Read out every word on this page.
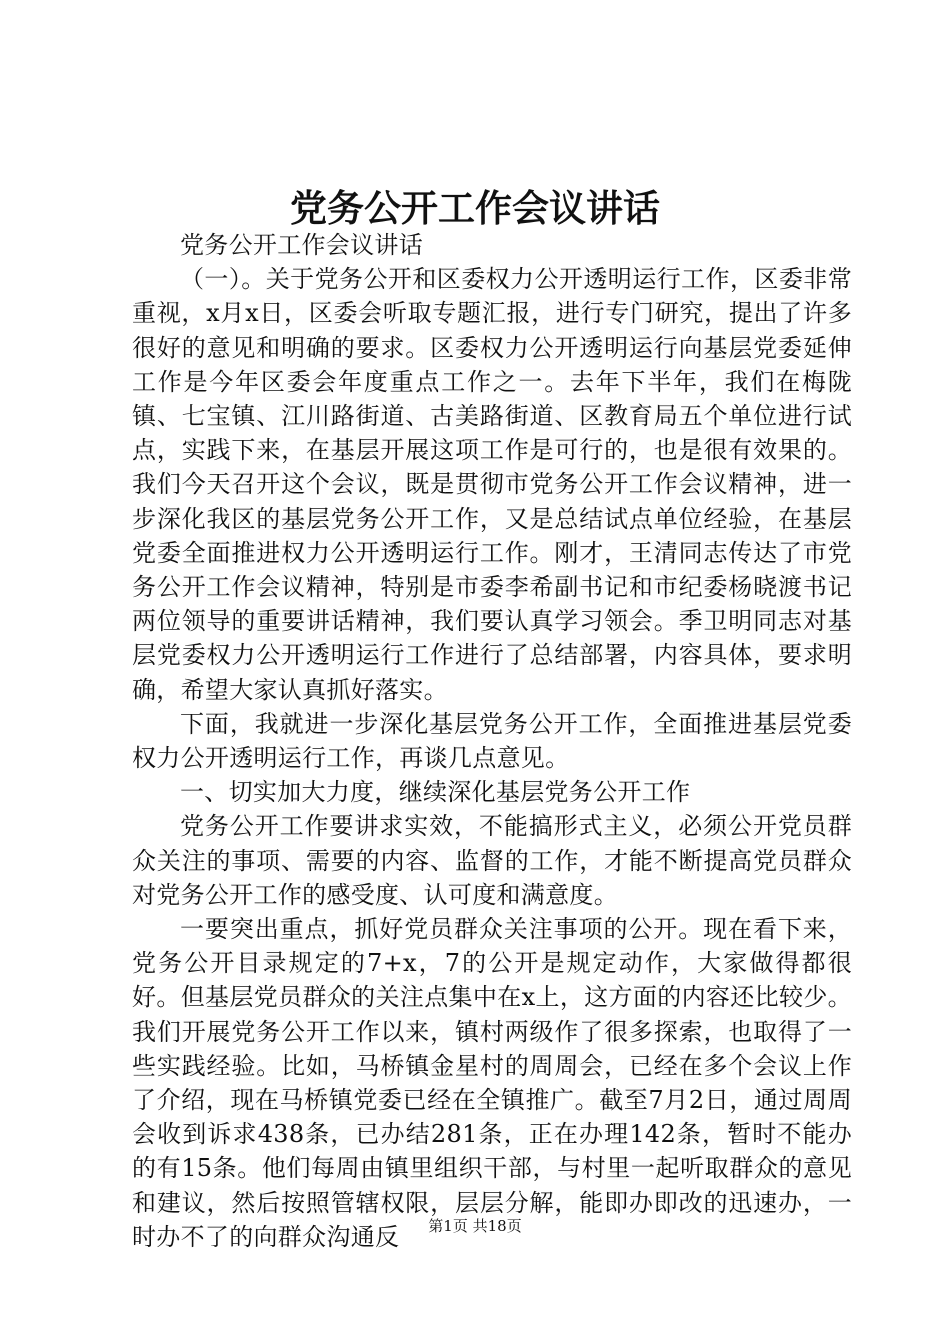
党务公开工作会议讲话

党务公开工作会议讲话

（一）。关于党务公开和区委权力公开透明运行工作，区委非常重视，x月x日，区委会听取专题汇报，进行专门研究，提出了许多很好的意见和明确的要求。区委权力公开透明运行向基层党委延伸工作是今年区委会年度重点工作之一。去年下半年，我们在梅陇镇、七宝镇、江川路街道、古美路街道、区教育局五个单位进行试点，实践下来，在基层开展这项工作是可行的，也是很有效果的。我们今天召开这个会议，既是贯彻市党务公开工作会议精神，进一步深化我区的基层党务公开工作，又是总结试点单位经验，在基层党委全面推进权力公开透明运行工作。刚才，王清同志传达了市党务公开工作会议精神，特别是市委李希副书记和市纪委杨晓渡书记两位领导的重要讲话精神，我们要认真学习领会。季卫明同志对基层党委权力公开透明运行工作进行了总结部署，内容具体，要求明确，希望大家认真抓好落实。

下面，我就进一步深化基层党务公开工作，全面推进基层党委权力公开透明运行工作，再谈几点意见。

一、切实加大力度，继续深化基层党务公开工作

党务公开工作要讲求实效，不能搞形式主义，必须公开党员群众关注的事项、需要的内容、监督的工作，才能不断提高党员群众对党务公开工作的感受度、认可度和满意度。

一要突出重点，抓好党员群众关注事项的公开。现在看下来，党务公开目录规定的7+x，7的公开是规定动作，大家做得都很好。但基层党员群众的关注点集中在x上，这方面的内容还比较少。我们开展党务公开工作以来，镇村两级作了很多探索，也取得了一些实践经验。比如，马桥镇金星村的周周会，已经在多个会议上作了介绍，现在马桥镇党委已经在全镇推广。截至7月2日，通过周周会收到诉求438条，已办结281条，正在办理142条，暂时不能办的有15条。他们每周由镇里组织干部，与村里一起听取群众的意见和建议，然后按照管辖权限，层层分解，能即办即改的迅速办，一时办不了的向群众沟通反	第1页 共18页
